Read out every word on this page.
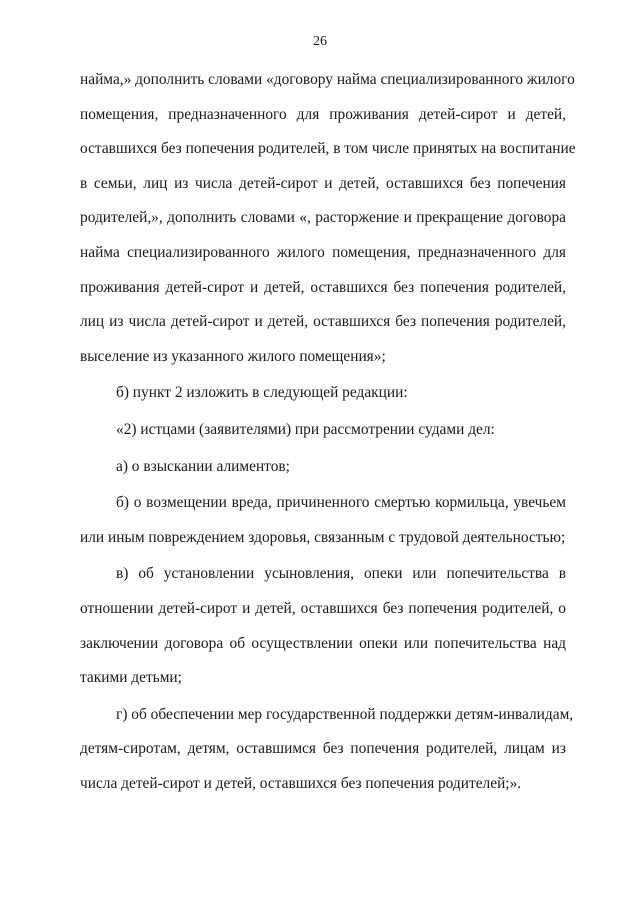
26

найма,» дополнить словами «договору найма специализированного жилого
помещения, предназначенного для проживания детей-сирот и детей,
оставшихся без попечения родителей, в том числе принятых на воспитание
в семьи, лиц из числа детей-сирот и детей, оставшихся без попечения
родителей,», дополнить словами «, расторжение и прекращение договора
найма специализированного жилого помещения, предназначенного для
проживания детей-сирот и детей, оставшихся без попечения родителей,
лиц из числа детей-сирот и детей, оставшихся без попечения родителей,
выселение из указанного жилого помещения»;

б) пункт 2 изложить в следующей редакции:

«2) истцами (заявителями) при рассмотрении судами дел:

а) о взыскании алиментов;

б) о возмещении вреда, причиненного смертью кормильца, увечьем
или иным повреждением здоровья, связанным с трудовой деятельностью;

в) об установлении усыновления, опеки или попечительства в
отношении детей-сирот и детей, оставшихся без попечения родителей, о
заключении договора об осуществлении опеки или попечительства над
такими детьми;

г) об обеспечении мер государственной поддержки детям-инвалидам,
детям-сиротам, детям, оставшимся без попечения родителей, лицам из
числа детей-сирот и детей, оставшихся без попечения родителей;».
